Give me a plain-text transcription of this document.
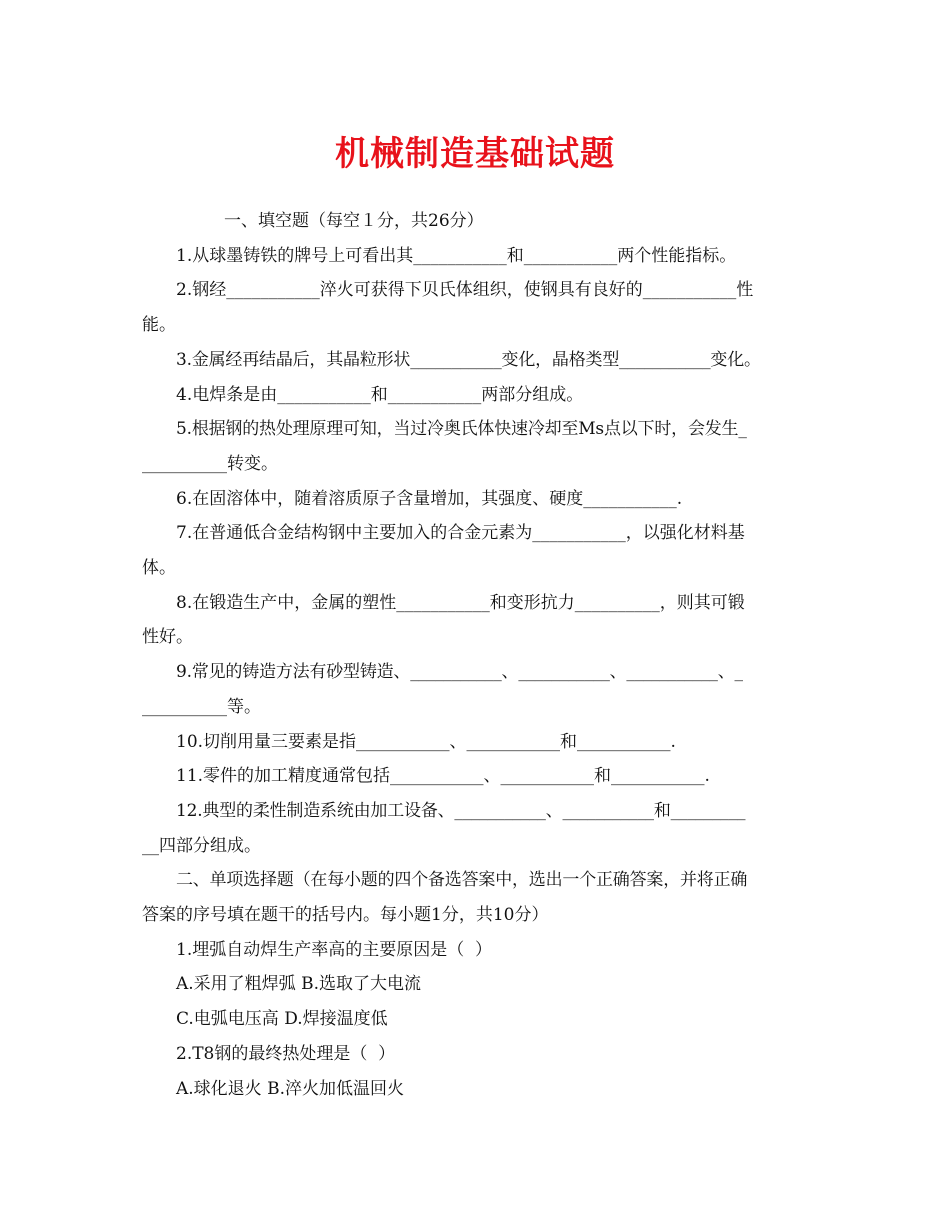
机械制造基础试题

一、填空题（每空１分，共26分）

1.从球墨铸铁的牌号上可看出其___________和___________两个性能指标。

2.钢经___________淬火可获得下贝氏体组织，使钢具有良好的___________性

能。

3.金属经再结晶后，其晶粒形状___________变化，晶格类型___________变化。

4.电焊条是由___________和___________两部分组成。

5.根据钢的热处理原理可知，当过冷奥氏体快速冷却至Ms点以下时，会发生_

__________转变。

6.在固溶体中，随着溶质原子含量增加，其强度、硬度___________.

7.在普通低合金结构钢中主要加入的合金元素为___________，以强化材料基

体。

8.在锻造生产中，金属的塑性___________和变形抗力__________，则其可锻

性好。

9.常见的铸造方法有砂型铸造、___________、___________、___________、_

__________等。

10.切削用量三要素是指___________、___________和___________.

11.零件的加工精度通常包括___________、___________和___________.

12.典型的柔性制造系统由加工设备、___________、___________和_________

__四部分组成。

二、单项选择题（在每小题的四个备选答案中，选出一个正确答案，并将正确

答案的序号填在题干的括号内。每小题1分，共10分）

1.埋弧自动焊生产率高的主要原因是（  ）

A.采用了粗焊弧 B.选取了大电流

C.电弧电压高 D.焊接温度低

2.T8钢的最终热处理是（  ）

A.球化退火 B.淬火加低温回火
